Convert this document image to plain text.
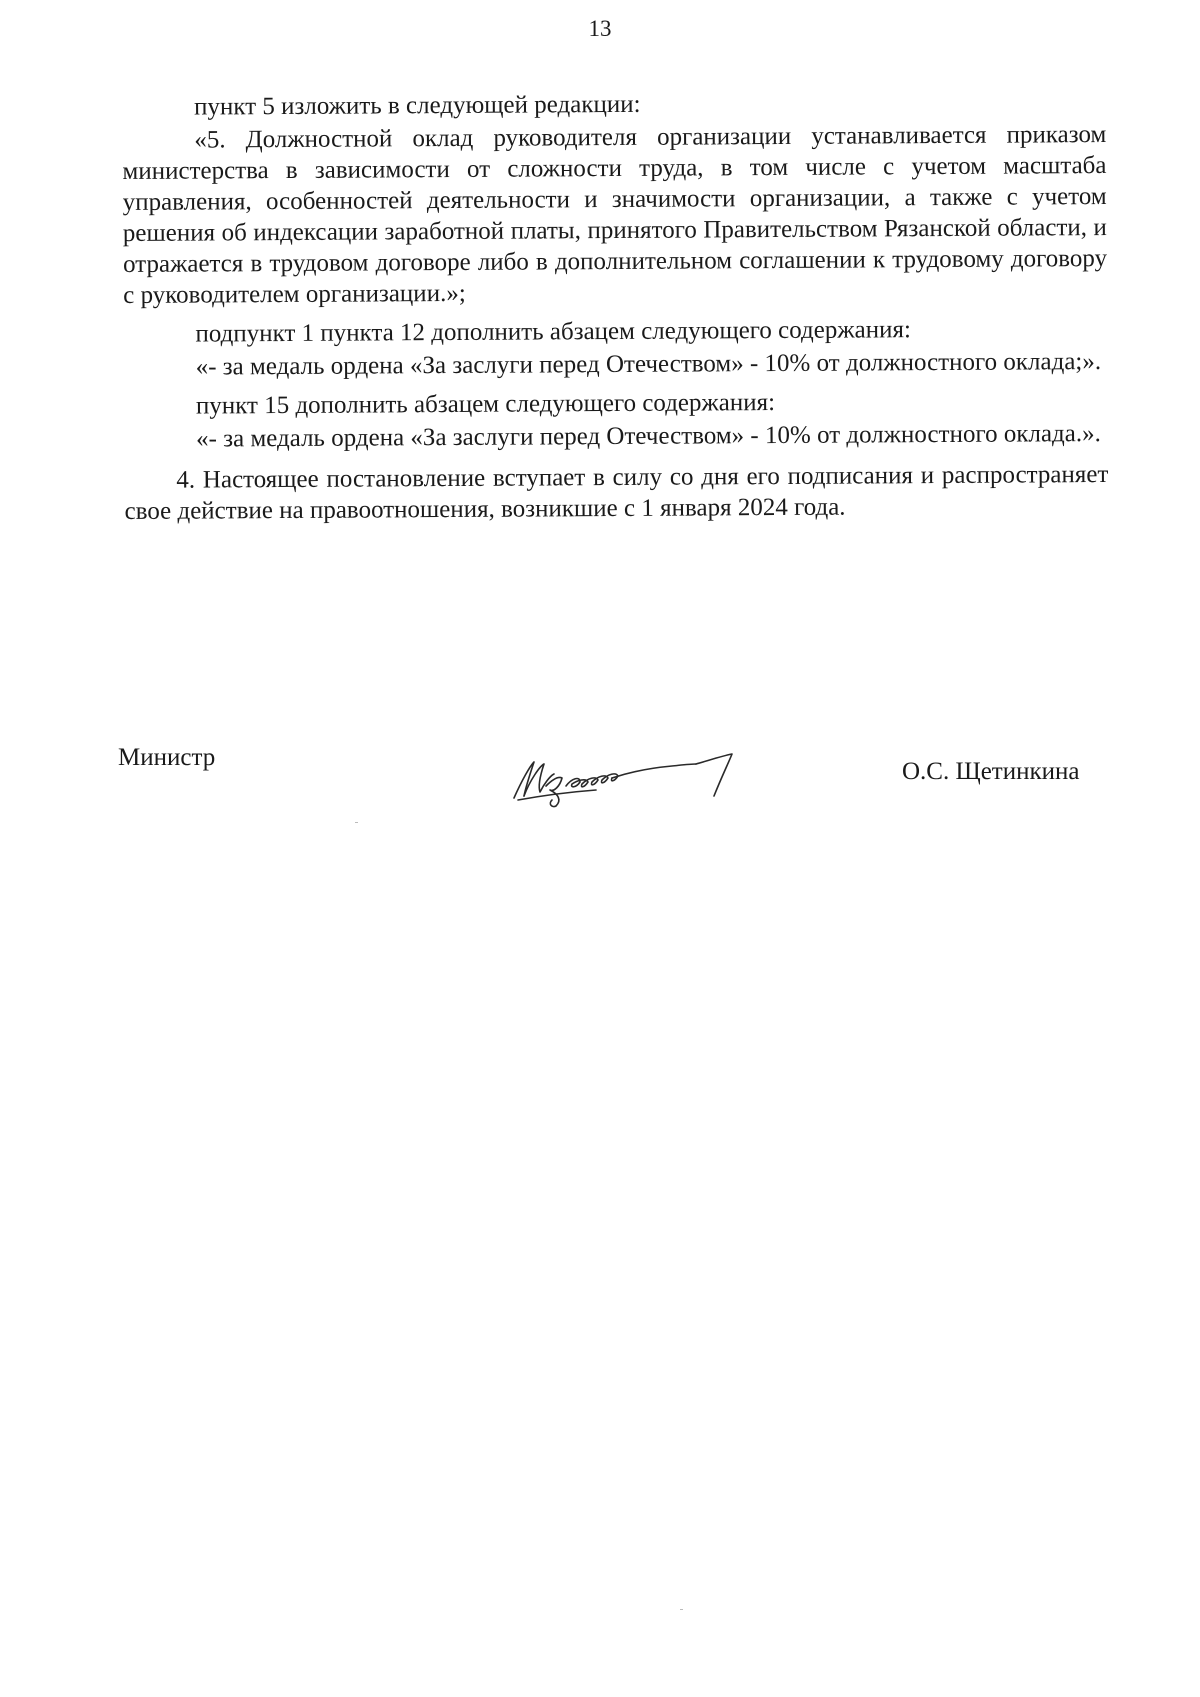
13

пункт 5 изложить в следующей редакции:

«5. Должностной оклад руководителя организации устанавливается приказом министерства в зависимости от сложности труда, в том числе с учетом масштаба управления, особенностей деятельности и значимости организации, а также с учетом решения об индексации заработной платы, принятого Правительством Рязанской области, и отражается в трудовом договоре либо в дополнительном соглашении к трудовому договору с руководителем организации.»;

подпункт 1 пункта 12 дополнить абзацем следующего содержания:

«- за медаль ордена «За заслуги перед Отечеством» - 10% от должностного оклада;».

пункт 15 дополнить абзацем следующего содержания:

«- за медаль ордена «За заслуги перед Отечеством» - 10% от должностного оклада.».

4. Настоящее постановление вступает в силу со дня его подписания и распространяет свое действие на правоотношения, возникшие с 1 января 2024 года.

Министр
О.С. Щетинкина
